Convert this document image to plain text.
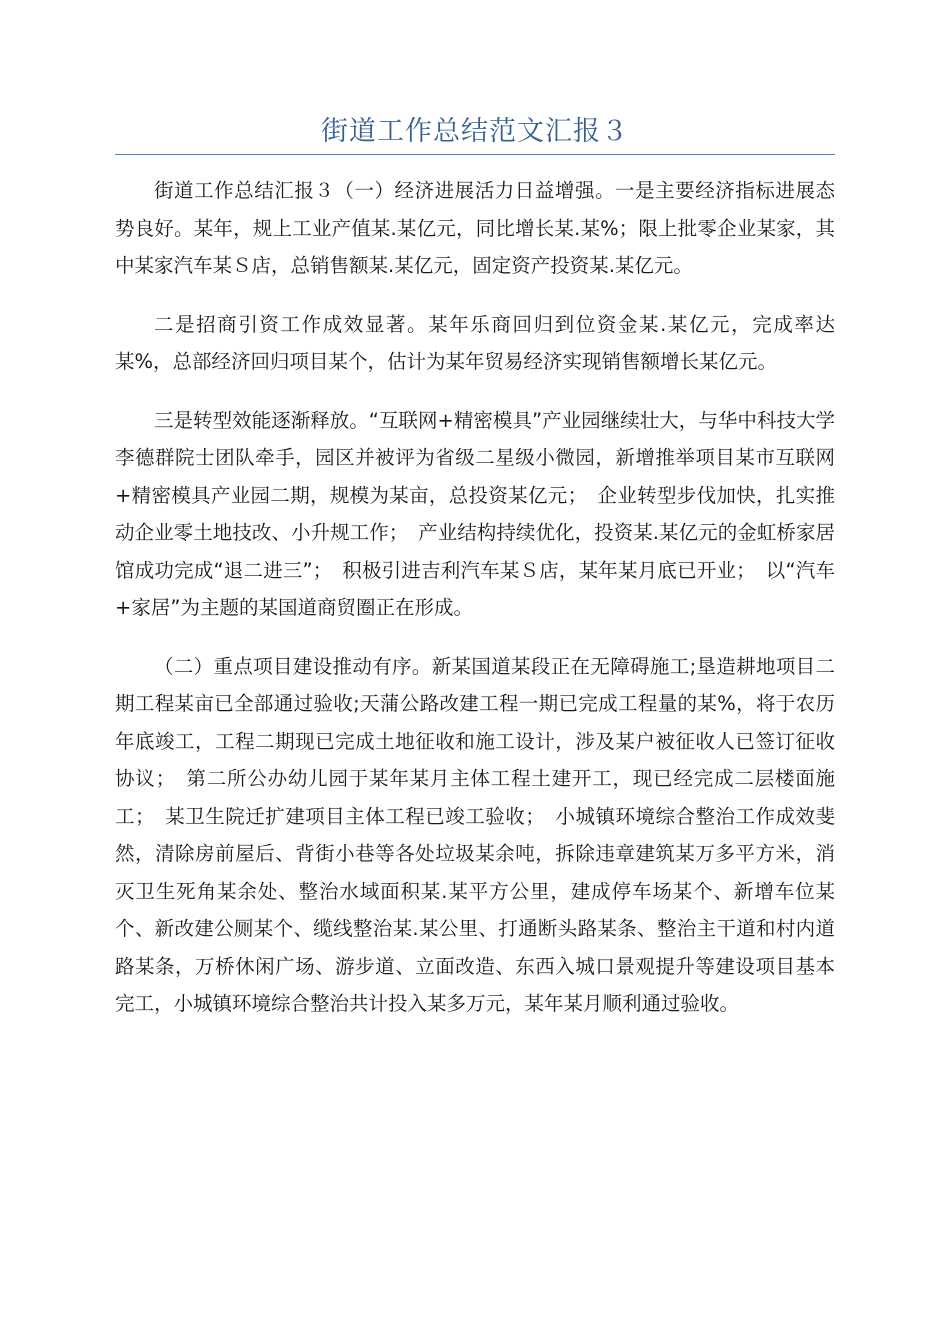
街道工作总结范文汇报３

街道工作总结汇报３（一）经济进展活力日益增强。一是主要经济指标进展态势良好。某年，规上工业产值某.某亿元，同比增长某.某%；限上批零企业某家，其中某家汽车某Ｓ店，总销售额某.某亿元，固定资产投资某.某亿元。

二是招商引资工作成效显著。某年乐商回归到位资金某.某亿元，完成率达某%，总部经济回归项目某个，估计为某年贸易经济实现销售额增长某亿元。

三是转型效能逐渐释放。“互联网+精密模具”产业园继续壮大，与华中科技大学李德群院士团队牵手，园区并被评为省级二星级小微园，新增推举项目某市互联网+精密模具产业园二期，规模为某亩，总投资某亿元；　企业转型步伐加快，扎实推动企业零土地技改、小升规工作；　产业结构持续优化，投资某.某亿元的金虹桥家居馆成功完成“退二进三”；　积极引进吉利汽车某Ｓ店，某年某月底已开业；　以“汽车+家居”为主题的某国道商贸圈正在形成。

（二）重点项目建设推动有序。新某国道某段正在无障碍施工;垦造耕地项目二期工程某亩已全部通过验收;天蒲公路改建工程一期已完成工程量的某%，将于农历年底竣工，工程二期现已完成土地征收和施工设计，涉及某户被征收人已签订征收协议；　第二所公办幼儿园于某年某月主体工程土建开工，现已经完成二层楼面施工；　某卫生院迁扩建项目主体工程已竣工验收；　小城镇环境综合整治工作成效斐然，清除房前屋后、背街小巷等各处垃圾某余吨，拆除违章建筑某万多平方米，消灭卫生死角某余处、整治水域面积某.某平方公里，建成停车场某个、新增车位某个、新改建公厕某个、缆线整治某.某公里、打通断头路某条、整治主干道和村内道路某条，万桥休闲广场、游步道、立面改造、东西入城口景观提升等建设项目基本完工，小城镇环境综合整治共计投入某多万元，某年某月顺利通过验收。
